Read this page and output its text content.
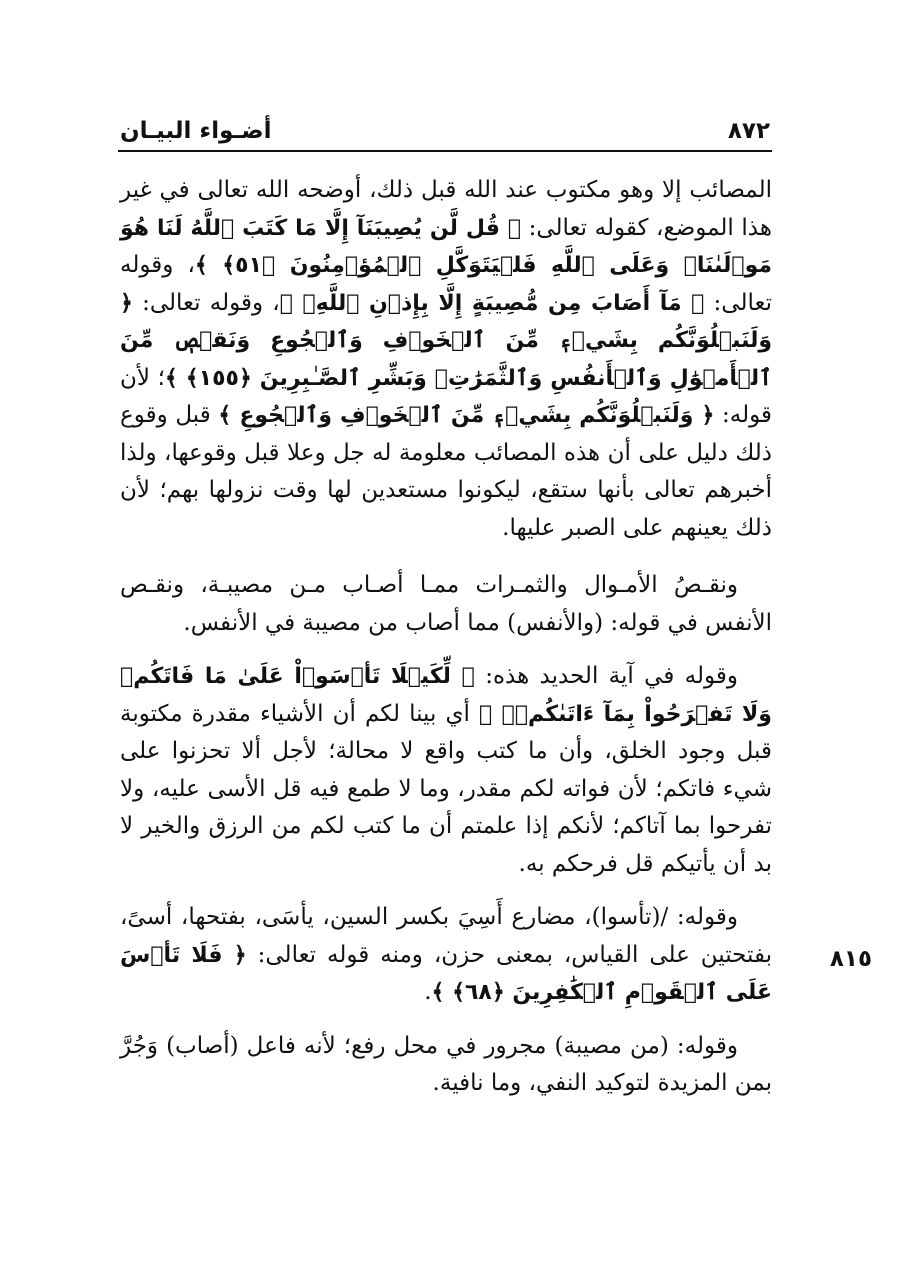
٨٧٢
أضـواء البيـان
٨١٥

المصائب إلا وهو مكتوب عند الله قبل ذلك، أوضحه الله تعالى في غير هذا الموضع، كقوله تعالى: ﴿ قُل لَّن يُصِيبَنَآ إِلَّا مَا كَتَبَ ٱللَّهُ لَنَا هُوَ مَوۡلَىٰنَاۚ وَعَلَى ٱللَّهِ فَلۡيَتَوَكَّلِ ٱلۡمُؤۡمِنُونَ ﴿٥١﴾ ﴾، وقوله تعالى: ﴿ مَآ أَصَابَ مِن مُّصِيبَةٍ إِلَّا بِإِذۡنِ ٱللَّهِۗ ﴾، وقوله تعالى: ﴿ وَلَنَبۡلُوَنَّكُم بِشَيۡءٖ مِّنَ ٱلۡخَوۡفِ وَٱلۡجُوعِ وَنَقۡصٖ مِّنَ ٱلۡأَمۡوَٰلِ وَٱلۡأَنفُسِ وَٱلثَّمَرَٰتِۗ وَبَشِّرِ ٱلصَّـٰبِرِينَ ﴿١٥٥﴾ ﴾؛ لأن قوله: ﴿ وَلَنَبۡلُوَنَّكُم بِشَيۡءٖ مِّنَ ٱلۡخَوۡفِ وَٱلۡجُوعِ ﴾ قبل وقوع ذلك دليل على أن هذه المصائب معلومة له جل وعلا قبل وقوعها، ولذا أخبرهم تعالى بأنها ستقع، ليكونوا مستعدين لها وقت نزولها بهم؛ لأن ذلك يعينهم على الصبر عليها.

ونقـصُ الأمـوال والثمـرات ممـا أصـاب مـن مصيبـة، ونقـص الأنفس في قوله: (والأنفس) مما أصاب من مصيبة في الأنفس.

وقوله في آية الحديد هذه: ﴿ لِّكَيۡلَا تَأۡسَوۡاْ عَلَىٰ مَا فَاتَكُمۡ وَلَا تَفۡرَحُواْ بِمَآ ءَاتَىٰكُمۡۗ ﴾ أي بينا لكم أن الأشياء مقدرة مكتوبة قبل وجود الخلق، وأن ما كتب واقع لا محالة؛ لأجل ألا تحزنوا على شيء فاتكم؛ لأن فواته لكم مقدر، وما لا طمع فيه قل الأسى عليه، ولا تفرحوا بما آتاكم؛ لأنكم إذا علمتم أن ما كتب لكم من الرزق والخير لا بد أن يأتيكم قل فرحكم به.

وقوله: /(تأسوا)، مضارع أَسِيَ بكسر السين، يأسَى، بفتحها، أسىً، بفتحتين على القياس، بمعنى حزن، ومنه قوله تعالى: ﴿ فَلَا تَأۡسَ عَلَى ٱلۡقَوۡمِ ٱلۡكَٰفِرِينَ ﴿٦٨﴾ ﴾.

وقوله: (من مصيبة) مجرور في محل رفع؛ لأنه فاعل (أصاب) وَجُرَّ بمن المزيدة لتوكيد النفي، وما نافية.
